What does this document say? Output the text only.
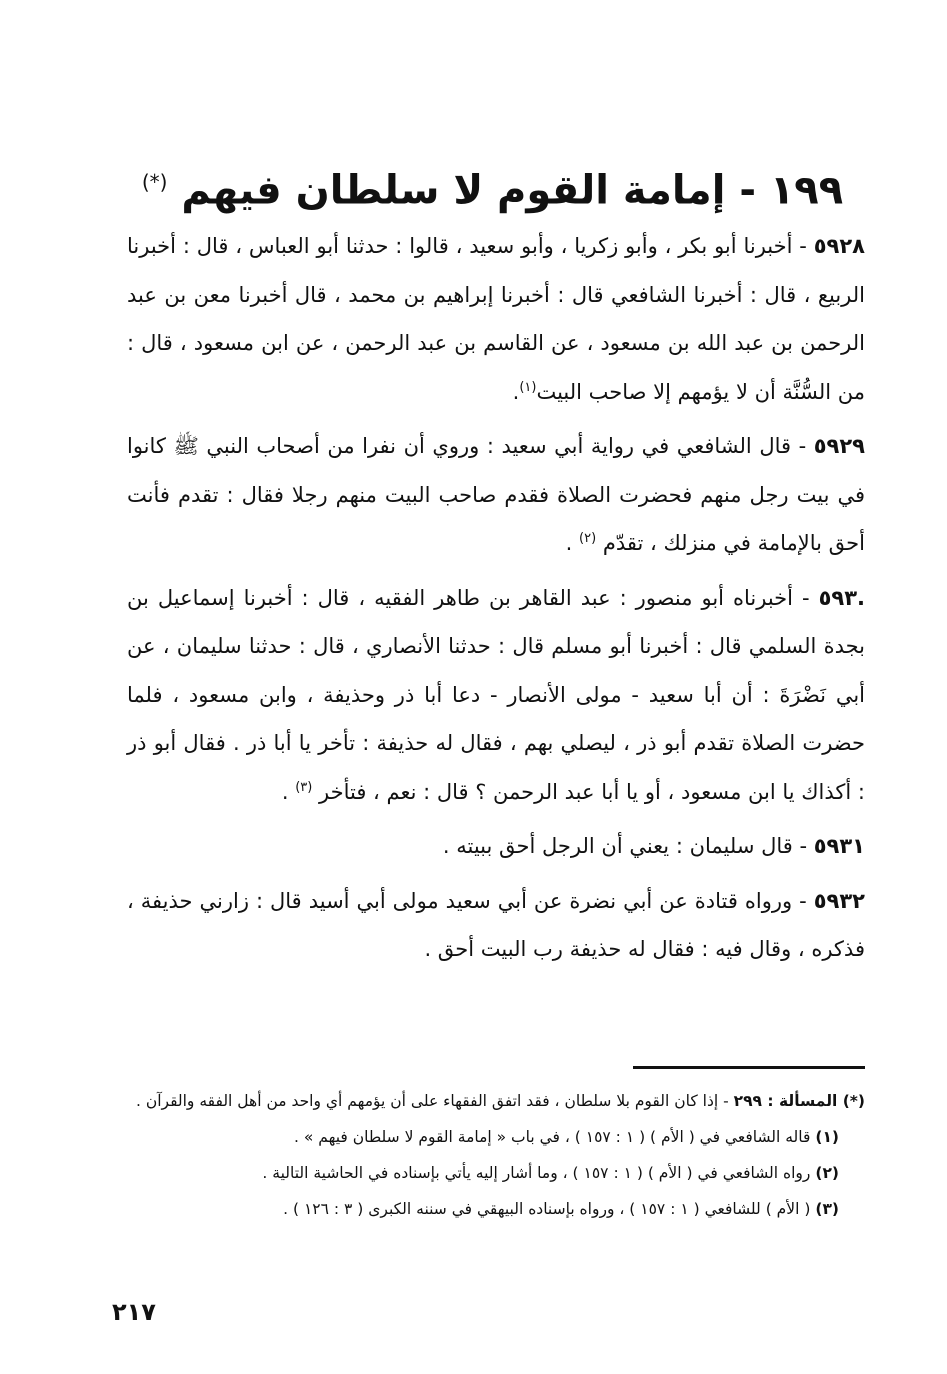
١٩٩ - إمامة القوم لا سلطان فيهم (*)

٥٩٢٨ - أخبرنا أبو بكر ، وأبو زكريا ، وأبو سعيد ، قالوا : حدثنا أبو العباس ، قال : أخبرنا الربيع ، قال : أخبرنا الشافعي قال : أخبرنا إبراهيم بن محمد ، قال أخبرنا معن بن عبد الرحمن بن عبد الله بن مسعود ، عن القاسم بن عبد الرحمن ، عن ابن مسعود ، قال : من السُّنَّة أن لا يؤمهم إلا صاحب البيت$^{(١)}$.

٥٩٢٩ - قال الشافعي في رواية أبي سعيد : وروي أن نفرا من أصحاب النبي ﷺ كانوا في بيت رجل منهم فحضرت الصلاة فقدم صاحب البيت منهم رجلا فقال : تقدم فأنت أحق بالإمامة في منزلك ، تقدّم $^{(٢)}$ .

.٥٩٣ - أخبرناه أبو منصور : عبد القاهر بن طاهر الفقيه ، قال : أخبرنا إسماعيل بن بجدة السلمي قال : أخبرنا أبو مسلم قال : حدثنا الأنصاري ، قال : حدثنا سليمان ، عن أبي نَضْرَةَ : أن أبا سعيد - مولى الأنصار - دعا أبا ذر وحذيفة ، وابن مسعود ، فلما حضرت الصلاة تقدم أبو ذر ، ليصلي بهم ، فقال له حذيفة : تأخر يا أبا ذر . فقال أبو ذر : أكذاك يا ابن مسعود ، أو يا أبا عبد الرحمن ؟ قال : نعم ، فتأخر $^{(٣)}$ .

٥٩٣١ - قال سليمان : يعني أن الرجل أحق ببيته .

٥٩٣٢ - ورواه قتادة عن أبي نضرة عن أبي سعيد مولى أبي أسيد قال : زارني حذيفة ، فذكره ، وقال فيه : فقال له حذيفة رب البيت أحق .

(*) المسألة : ٢٩٩ - إذا كان القوم بلا سلطان ، فقد اتفق الفقهاء على أن يؤمهم أي واحد من أهل الفقه والقرآن .

(١) قاله الشافعي في ( الأم ) ( ١ : ١٥٧ ) ، في باب « إمامة القوم لا سلطان فيهم » .

(٢) رواه الشافعي في ( الأم ) ( ١ : ١٥٧ ) ، وما أشار إليه يأتي بإسناده في الحاشية التالية .

(٣) ( الأم ) للشافعي ( ١ : ١٥٧ ) ، ورواه بإسناده البيهقي في سننه الكبرى ( ٣ : ١٢٦ ) .

٢١٧
